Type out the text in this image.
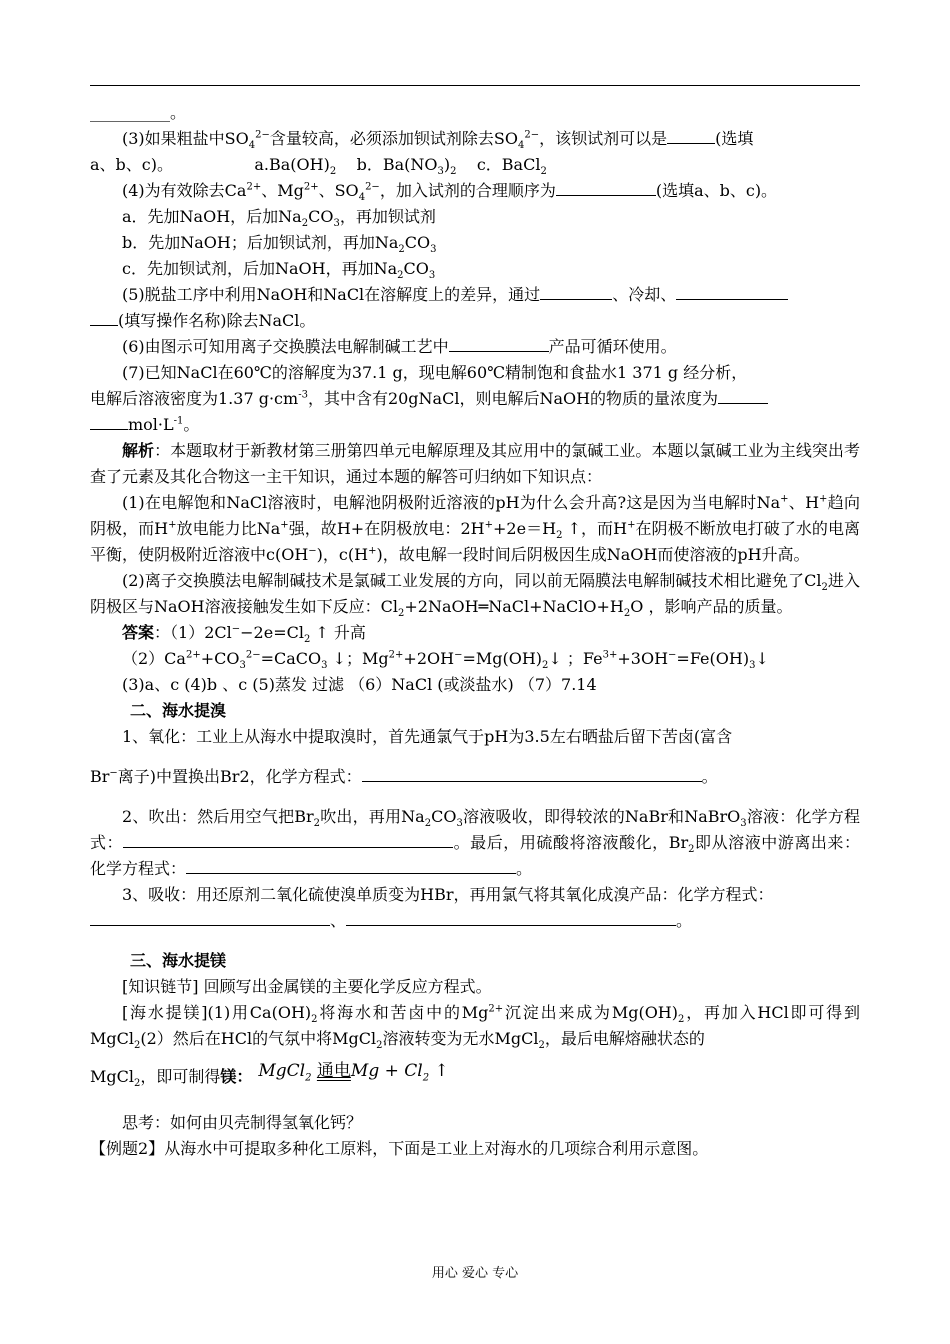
__________。

(3)如果粗盐中$SO_4^{2-}$含量较高，必须添加钡试剂除去$SO_4^{2-}$，该钡试剂可以是	(选填
a、b、c)。	$a.Ba(OH)_2$ b．$Ba(NO_3)_2$ c．BaCl$_2$

(4)为有效除去$Ca^{2+}$、$Mg^{2+}$、$SO_4^{2-}$，加入试剂的合理顺序为	(选填a、b、c)。

a．先加NaOH，后加$Na_2CO_3$，再加钡试剂

b．先加NaOH；后加钡试剂，再加$Na_2CO_3$

c．先加钡试剂，后加NaOH，再加$Na_2CO_3$

(5)脱盐工序中利用NaOH和NaCl在溶解度上的差异，通过	、冷却、
(填写操作名称)除去NaCl。

(6)由图示可知用离子交换膜法电解制碱工艺中	产品可循环使用。

(7)已知NaCl在60℃的溶解度为37.1 g，现电解60℃精制饱和食盐水1 371 g 经分析，
电解后溶液密度为1.37 $g\cdot cm^{-3}$，其中含有20gNaCl，则电解后NaOH的物质的量浓度为
$mol\cdot L^{-1}$。

解析：本题取材于新教材第三册第四单元电解原理及其应用中的氯碱工业。本题以氯碱工业为主线突出考查了元素及其化合物这一主干知识，通过本题的解答可归纳如下知识点：

(1)在电解饱和NaCl溶液时，电解池阴极附近溶液的pH为什么会升高?这是因为当电解时Na+、H+趋向阴极，而H+放电能力比Na+强，故H+在阴极放电：$2H^++2e=H_2$ ↑，而H+在阴极不断放电打破了水的电离平衡，使阴极附近溶液中c(OH−)，c(H+)，故电解一段时间后阴极因生成NaOH而使溶液的pH升高。

(2)离子交换膜法电解制碱技术是氯碱工业发展的方向，同以前无隔膜法电解制碱技术相比避免了$Cl_2$进入阴极区与NaOH溶液接触发生如下反应：$Cl_2+2NaOH═NaCl+NaClO+H_2O$ ，影响产品的质量。

答案：$(1)2Cl^--2e=Cl_2$ ↑ 升高

$(2)Ca^{2+}+CO_3^{2-}=CaCO_3$ ↓；$Mg^{2+}+2OH^-=Mg(OH)_2↓$ ；$Fe^{3+}+3OH^-=Fe(OH)_3↓$

(3)a、c (4)b 、c (5)蒸发 过滤 （6）NaCl (或淡盐水) （7）7.14

二、海水提溴

1、氧化：工业上从海水中提取溴时，首先通氯气于pH为3.5左右晒盐后留下苦卤(富含

Br−离子)中置换出Br2，化学方程式：	。

2、吹出：然后用空气把$Br_2$吹出，再用$Na_2CO_3$溶液吸收，即得较浓的NaBr和NaBrO$_3$溶液：化学方程式：	。最后，用硫酸将溶液酸化，$Br_2$即从溶液中游离出来：化学方程式：	。

3、吸收：用还原剂二氧化硫使溴单质变为HBr，再用氯气将其氧化成溴产品：化学方程式：
、	。

三、海水提镁

[知识链节] 回顾写出金属镁的主要化学反应方程式。

[海水提镁](1)用$Ca(OH)_2$将海水和苦卤中的$Mg^{2+}$沉淀出来成为$Mg(OH)_2$，再加入HCl即可得到MgCl$_2$(2）然后在HCl的气氛中将MgCl$_2$溶液转变为无水MgCl$_2$，最后电解熔融状态的

MgCl$_2$，即可制得镁： MgCl$_2$ 通电$Mg + Cl_2$ ↑

思考：如何由贝壳制得氢氧化钙？

【例题2】从海水中可提取多种化工原料，下面是工业上对海水的几项综合利用示意图。

用心 爱心 专心
